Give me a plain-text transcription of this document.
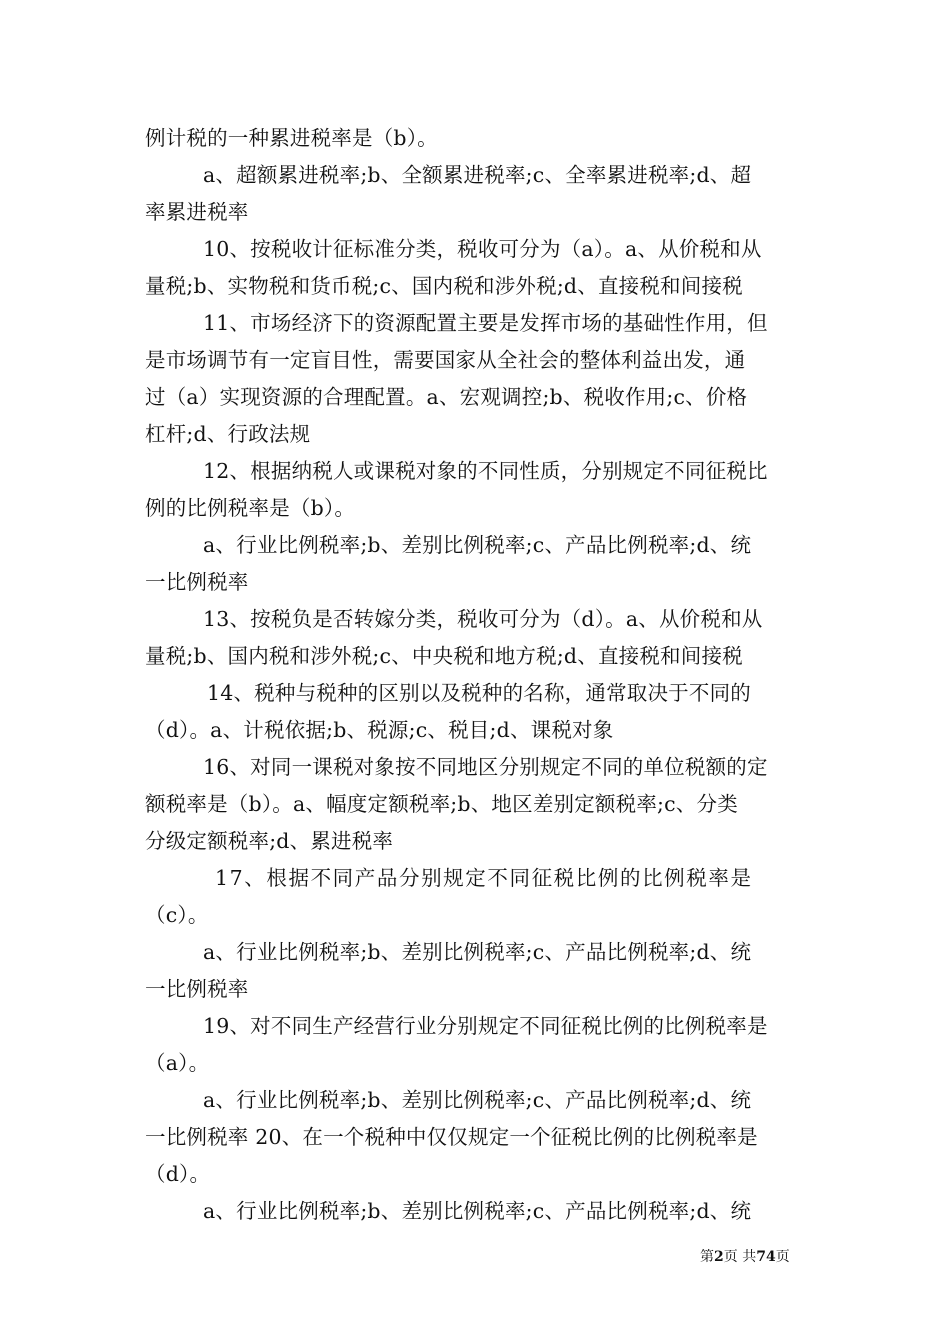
例计税的一种累进税率是（b）。
a、超额累进税率;b、全额累进税率;c、全率累进税率;d、超
率累进税率
10、按税收计征标准分类，税收可分为（a）。a、从价税和从
量税;b、实物税和货币税;c、国内税和涉外税;d、直接税和间接税
11、市场经济下的资源配置主要是发挥市场的基础性作用，但
是市场调节有一定盲目性，需要国家从全社会的整体利益出发，通
过（a）实现资源的合理配置。a、宏观调控;b、税收作用;c、价格
杠杆;d、行政法规
12、根据纳税人或课税对象的不同性质，分别规定不同征税比
例的比例税率是（b）。
a、行业比例税率;b、差别比例税率;c、产品比例税率;d、统
一比例税率
13、按税负是否转嫁分类，税收可分为（d）。a、从价税和从
量税;b、国内税和涉外税;c、中央税和地方税;d、直接税和间接税
14、税种与税种的区别以及税种的名称，通常取决于不同的
（d）。a、计税依据;b、税源;c、税目;d、课税对象
16、对同一课税对象按不同地区分别规定不同的单位税额的定
额税率是（b）。a、幅度定额税率;b、地区差别定额税率;c、分类
分级定额税率;d、累进税率
17、根据不同产品分别规定不同征税比例的比例税率是
（c）。
a、行业比例税率;b、差别比例税率;c、产品比例税率;d、统
一比例税率
19、对不同生产经营行业分别规定不同征税比例的比例税率是
（a）。
a、行业比例税率;b、差别比例税率;c、产品比例税率;d、统
一比例税率 20、在一个税种中仅仅规定一个征税比例的比例税率是
（d）。
a、行业比例税率;b、差别比例税率;c、产品比例税率;d、统
第2页 共74页
